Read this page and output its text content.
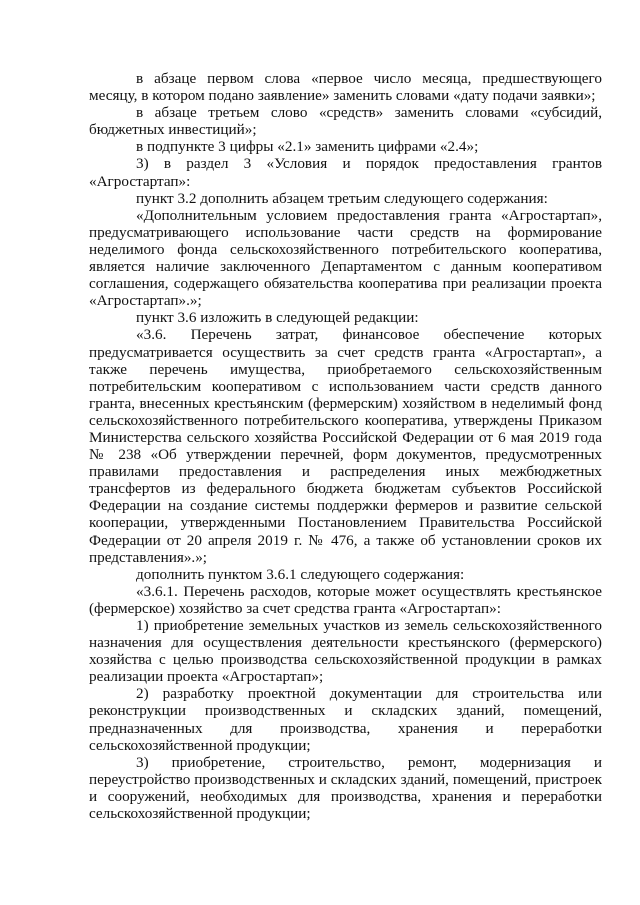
в абзаце первом слова «первое число месяца, предшествующего месяцу, в котором подано заявление» заменить словами «дату подачи заявки»;

в абзаце третьем слово «средств» заменить словами «субсидий, бюджетных инвестиций»;

в подпункте 3 цифры «2.1» заменить цифрами «2.4»;

3) в раздел 3 «Условия и порядок предоставления грантов «Агростартап»:

пункт 3.2 дополнить абзацем третьим следующего содержания:

«Дополнительным условием предоставления гранта «Агростартап», предусматривающего использование части средств на формирование неделимого фонда сельскохозяйственного потребительского кооператива, является наличие заключенного Департаментом с данным кооперативом соглашения, содержащего обязательства кооператива при реализации проекта «Агростартап».»;

пункт 3.6 изложить в следующей редакции:

«3.6. Перечень затрат, финансовое обеспечение которых предусматривается осуществить за счет средств гранта «Агростартап», а также перечень имущества, приобретаемого сельскохозяйственным потребительским кооперативом с использованием части средств данного гранта, внесенных крестьянским (фермерским) хозяйством в неделимый фонд сельскохозяйственного потребительского кооператива, утверждены Приказом Министерства сельского хозяйства Российской Федерации от 6 мая 2019 года № 238 «Об утверждении перечней, форм документов, предусмотренных правилами предоставления и распределения иных межбюджетных трансфертов из федерального бюджета бюджетам субъектов Российской Федерации на создание системы поддержки фермеров и развитие сельской кооперации, утвержденными Постановлением Правительства Российской Федерации от 20 апреля 2019 г. № 476, а также об установлении сроков их представления».»;

дополнить пунктом 3.6.1 следующего содержания:

«3.6.1. Перечень расходов, которые может осуществлять крестьянское (фермерское) хозяйство за счет средства гранта «Агростартап»:

1) приобретение земельных участков из земель сельскохозяйственного назначения для осуществления деятельности крестьянского (фермерского) хозяйства с целью производства сельскохозяйственной продукции в рамках реализации проекта «Агростартап»;

2) разработку проектной документации для строительства или реконструкции производственных и складских зданий, помещений, предназначенных для производства, хранения и переработки сельскохозяйственной продукции;

3) приобретение, строительство, ремонт, модернизация и переустройство производственных и складских зданий, помещений, пристроек и сооружений, необходимых для производства, хранения и переработки сельскохозяйственной продукции;
